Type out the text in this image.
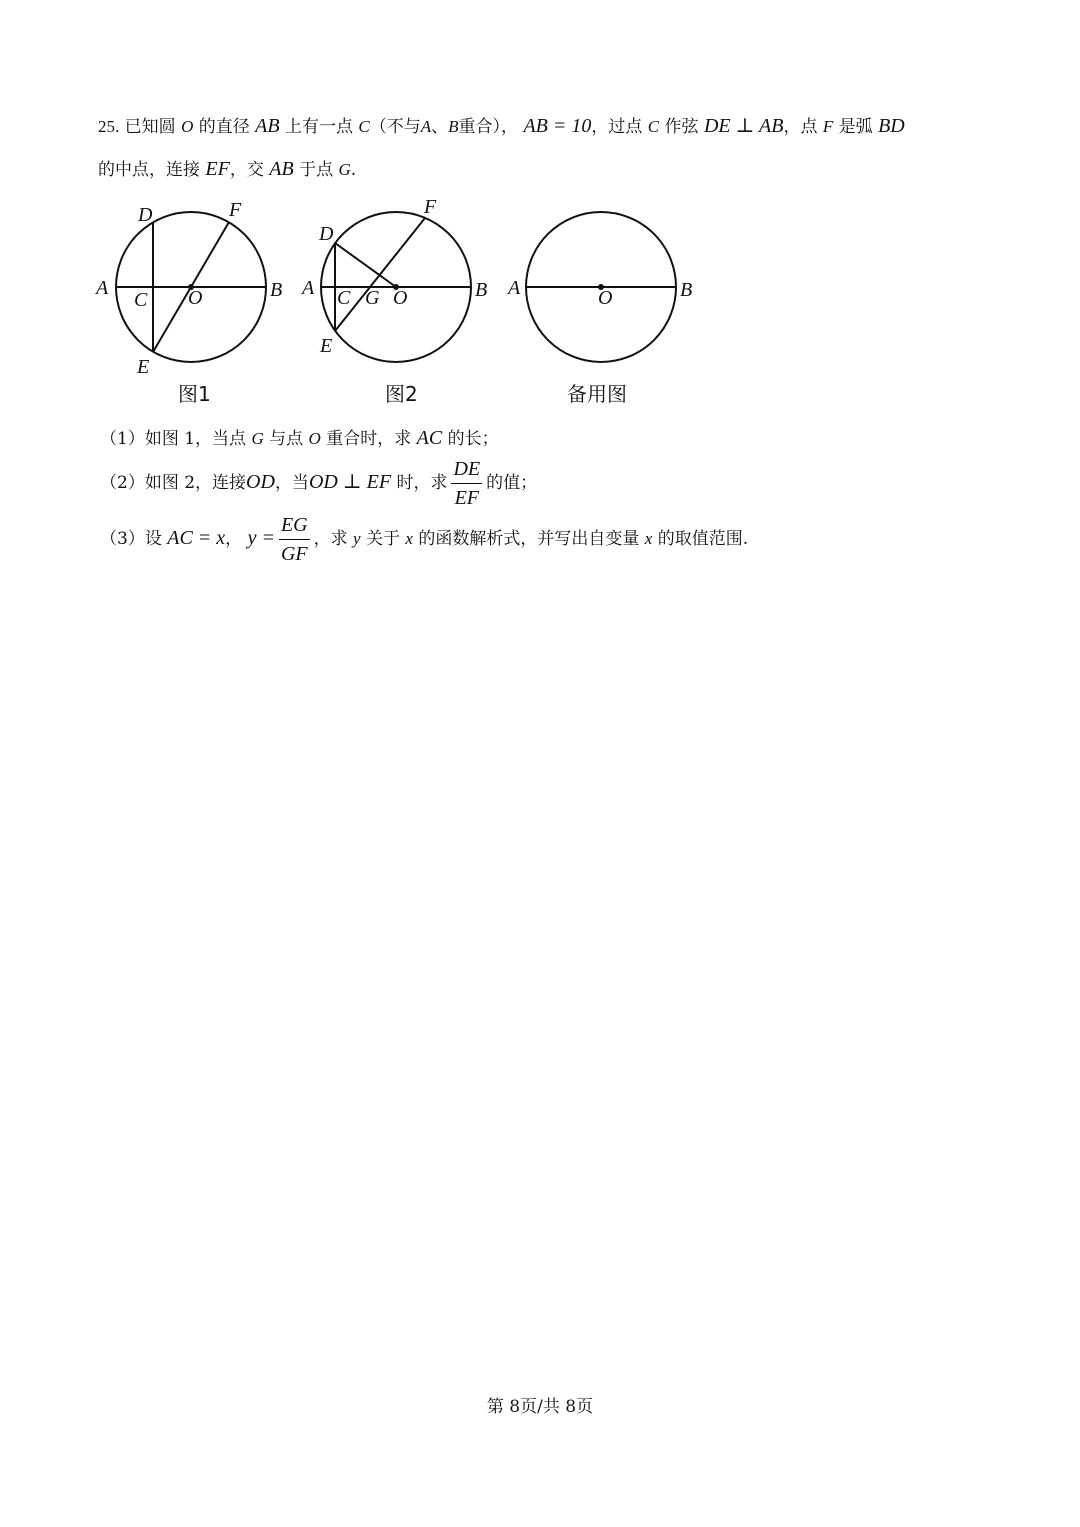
25. 已知圆 O 的直径 AB 上有一点 C（不与A、B重合）， AB = 10，过点 C 作弦 DE ⊥ AB，点 F 是弧 BD
的中点，连接 EF，交 AB 于点 G.
A	B
C
D
E
F
O	A	B
C
D
E
F
G O	A	B
O
图1	图2	备用图
（1）如图 1，当点 G 与点 O 重合时，求 AC 的长；
（2）如图 2，连接OD，当OD ⊥ EF 时，求 $\frac{DE}{EF}$ 的值；
（3）设 AC = x， $y = \frac{EG}{GF}$ ，求 y 关于 x 的函数解析式，并写出自变量 x 的取值范围.
第 8页/共 8页
